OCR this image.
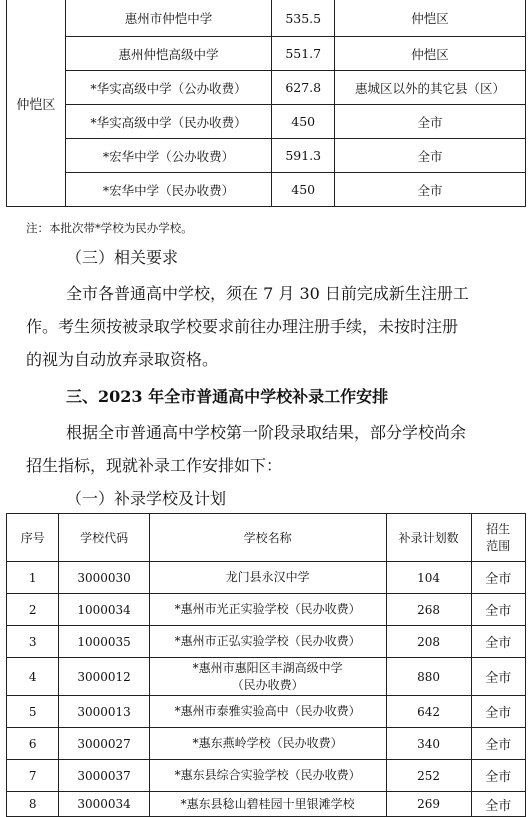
仲恺区	惠州市仲恺中学	535.5	仲恺区
	惠州仲恺高级中学	551.7	仲恺区
	*华实高级中学（公办收费）	627.8	惠城区以外的其它县（区）
	*华实高级中学（民办收费）	450	全市
	*宏华中学（公办收费）	591.3	全市
	*宏华中学（民办收费）	450	全市
注：本批次带*学校为民办学校。
（三）相关要求
全市各普通高中学校，须在 7 月 30 日前完成新生注册工
作。考生须按被录取学校要求前往办理注册手续，未按时注册
的视为自动放弃录取资格。
三、2023 年全市普通高中学校补录工作安排
根据全市普通高中学校第一阶段录取结果，部分学校尚余
招生指标，现就补录工作安排如下：
（一）补录学校及计划
序号	学校代码	学校名称	补录计划数	招生
范围

1	3000030	龙门县永汉中学	104	全市
2	1000034	*惠州市光正实验学校（民办收费）	268	全市
3	1000035	*惠州市正弘实验学校（民办收费）	208	全市
4	3000012	*惠州市惠阳区丰湖高级中学
（民办收费）	880	全市
5	3000013	*惠州市泰雅实验高中（民办收费）	642	全市
6	3000027	*惠东燕岭学校（民办收费）	340	全市
7	3000037	*惠东县综合实验学校（民办收费）	252	全市
8	3000034	*惠东县稔山碧桂园十里银滩学校	269	全市
